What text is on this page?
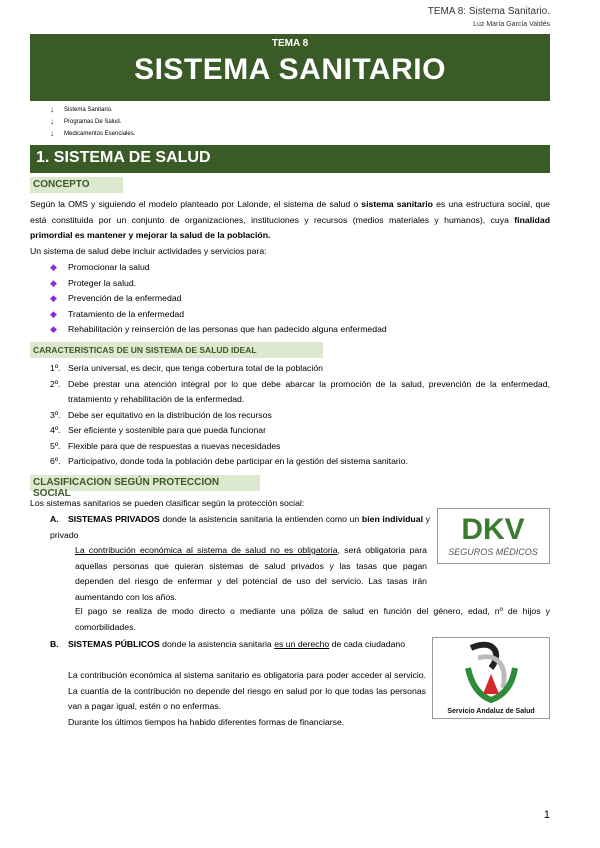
TEMA 8: Sistema Sanitario.
Luz María García Valdés
TEMA 8
SISTEMA SANITARIO
↓	Sistema Sanitario.
↓	Programas De Salud.
↓	Medicamentos Esenciales.
1. SISTEMA DE SALUD
CONCEPTO
Según la OMS y siguiendo el modelo planteado por Lalonde, el sistema de salud o sistema sanitario es una estructura social, que está constituida por un conjunto de organizaciones, instituciones y recursos (medios materiales y humanos), cuya finalidad primordial es mantener y mejorar la salud de la población.
Un sistema de salud debe incluir actividades y servicios para:
◆	Promocionar la salud
◆	Proteger la salud.
◆	Prevención de la enfermedad
◆	Tratamiento de la enfermedad
◆	Rehabilitación y reinserción de las personas que han padecido alguna enfermedad
CARACTERISTICAS DE UN SISTEMA DE SALUD IDEAL
1º. Sería universal, es decir, que tenga cobertura total de la población
2º. Debe prestar una atención integral por lo que debe abarcar la promoción de la salud, prevención de la enfermedad, tratamiento y rehabilitación de la enfermedad.
3º. Debe ser equitativo en la distribución de los recursos
4º. Ser eficiente y sostenible para que pueda funcionar
5º. Flexible para que de respuestas a nuevas necesidades
6º. Participativo, donde toda la población debe participar en la gestión del sistema sanitario.
CLASIFICACION SEGÚN PROTECCION SOCIAL
Los sistemas sanitarios se pueden clasificar según la protección social:
A. SISTEMAS PRIVADOS donde la asistencia sanitaria la entienden como un bien individual y privado
La contribución económica al sistema de salud no es obligatoria, será obligatoria para aquellas personas que quieran sistemas de salud privados y las tasas que pagan dependen del riesgo de enfermar y del potencial de uso del servicio. Las tasas irán aumentando con los años.
El pago se realiza de modo directo o mediante una póliza de salud en función del género, edad, nº de hijos y comorbilidades.
B. SISTEMAS PÚBLICOS donde la asistencia sanitaria es un derecho de cada ciudadano
La contribución económica al sistema sanitario es obligatoria para poder acceder al servicio. La cuantía de la contribución no depende del riesgo en salud por lo que todas las personas van a pagar igual, estén o no enfermas.
Durante los últimos tiempos ha habido diferentes formas de financiarse.
DKV
SEGUROS MÉDICOS
Servicio Andaluz de Salud
1
